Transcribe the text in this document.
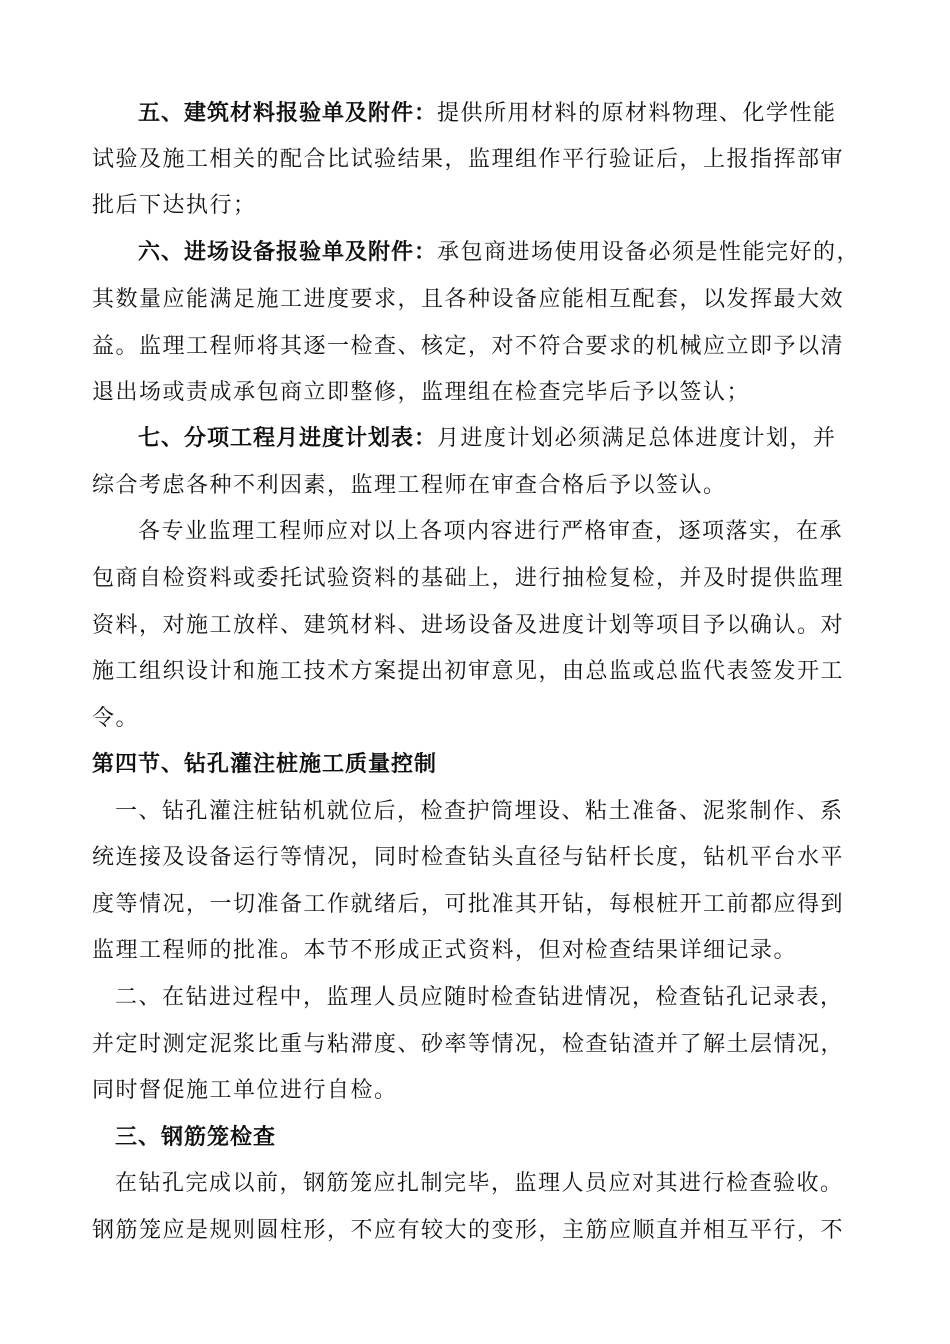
五、建筑材料报验单及附件：提供所用材料的原材料物理、化学性能
试验及施工相关的配合比试验结果，监理组作平行验证后，上报指挥部审
批后下达执行；
六、进场设备报验单及附件：承包商进场使用设备必须是性能完好的，
其数量应能满足施工进度要求，且各种设备应能相互配套，以发挥最大效
益。监理工程师将其逐一检查、核定，对不符合要求的机械应立即予以清
退出场或责成承包商立即整修，监理组在检查完毕后予以签认；
七、分项工程月进度计划表：月进度计划必须满足总体进度计划，并
综合考虑各种不利因素，监理工程师在审查合格后予以签认。
各专业监理工程师应对以上各项内容进行严格审查，逐项落实，在承
包商自检资料或委托试验资料的基础上，进行抽检复检，并及时提供监理
资料，对施工放样、建筑材料、进场设备及进度计划等项目予以确认。对
施工组织设计和施工技术方案提出初审意见，由总监或总监代表签发开工
令。
第四节、钻孔灌注桩施工质量控制
一、钻孔灌注桩钻机就位后，检查护筒埋设、粘土准备、泥浆制作、系
统连接及设备运行等情况，同时检查钻头直径与钻杆长度，钻机平台水平
度等情况，一切准备工作就绪后，可批准其开钻，每根桩开工前都应得到
监理工程师的批准。本节不形成正式资料，但对检查结果详细记录。
二、在钻进过程中，监理人员应随时检查钻进情况，检查钻孔记录表，
并定时测定泥浆比重与粘滞度、砂率等情况，检查钻渣并了解土层情况，
同时督促施工单位进行自检。
三、钢筋笼检查
在钻孔完成以前，钢筋笼应扎制完毕，监理人员应对其进行检查验收。
钢筋笼应是规则圆柱形，不应有较大的变形，主筋应顺直并相互平行，不
